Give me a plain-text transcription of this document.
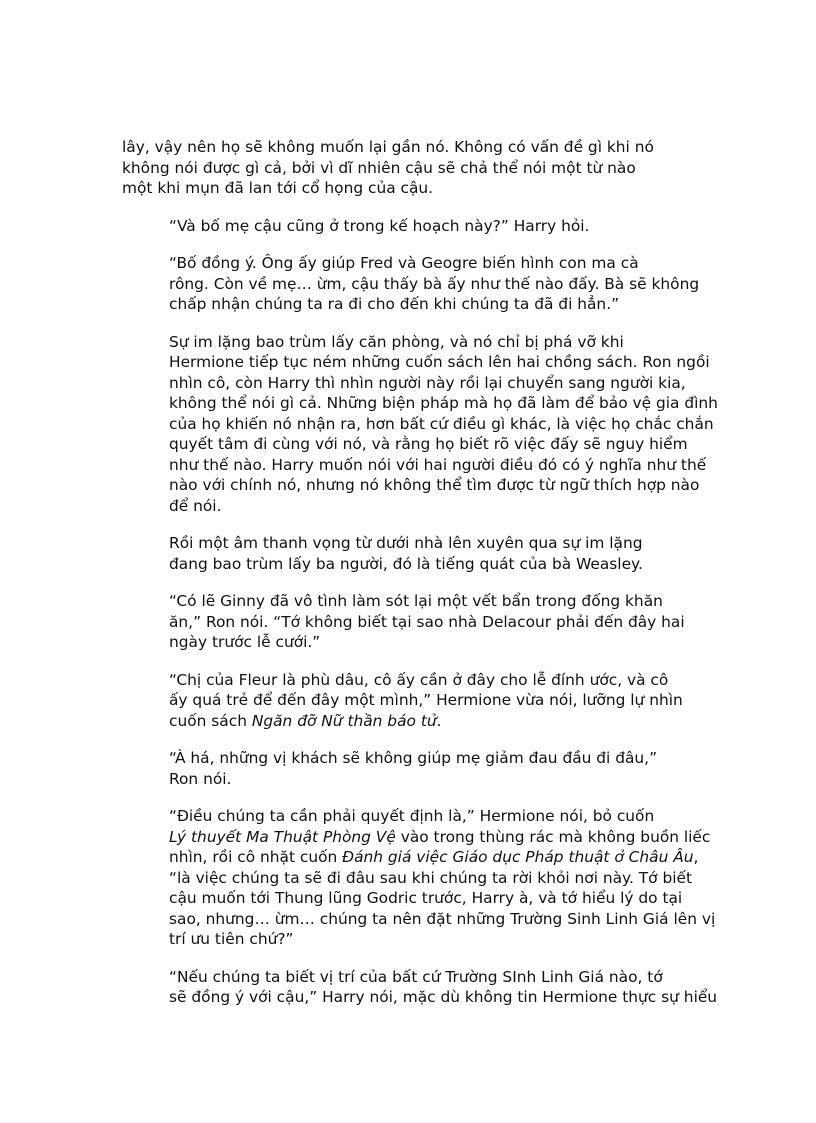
lây, vậy nên họ sẽ không muốn lại gần nó. Không có vấn đề gì khi nó
không nói được gì cả, bởi vì dĩ nhiên cậu sẽ chả thể nói một từ nào
một khi mụn đã lan tới cổ họng của cậu.

“Và bố mẹ cậu cũng ở trong kế hoạch này?” Harry hỏi.

“Bố đồng ý. Ông ấy giúp Fred và Geogre biến hình con ma cà
rông. Còn về mẹ… ừm, cậu thấy bà ấy như thế nào đấy. Bà sẽ không
chấp nhận chúng ta ra đi cho đến khi chúng ta đã đi hẳn.”

Sự im lặng bao trùm lấy căn phòng, và nó chỉ bị phá vỡ khi
Hermione tiếp tục ném những cuốn sách lên hai chồng sách. Ron ngồi
nhìn cô, còn Harry thì nhìn người này rồi lại chuyển sang người kia,
không thể nói gì cả. Những biện pháp mà họ đã làm để bảo vệ gia đình
của họ khiến nó nhận ra, hơn bất cứ điều gì khác, là việc họ chắc chắn
quyết tâm đi cùng với nó, và rằng họ biết rõ việc đấy sẽ nguy hiểm
như thế nào. Harry muốn nói với hai người điều đó có ý nghĩa như thế
nào với chính nó, nhưng nó không thể tìm được từ ngữ thích hợp nào
để nói.

Rồi một âm thanh vọng từ dưới nhà lên xuyên qua sự im lặng
đang bao trùm lấy ba người, đó là tiếng quát của bà Weasley.

“Có lẽ Ginny đã vô tình làm sót lại một vết bẩn trong đống khăn
ăn,” Ron nói. “Tớ không biết tại sao nhà Delacour phải đến đây hai
ngày trước lễ cưới.”

“Chị của Fleur là phù dâu, cô ấy cần ở đây cho lễ đính ước, và cô
ấy quá trẻ để đến đây một mình,” Hermione vừa nói, lưỡng lự nhìn
cuốn sách Ngăn đỡ Nữ thần báo tử.

“À há, những vị khách sẽ không giúp mẹ giảm đau đầu đi đâu,”
Ron nói.

“Điều chúng ta cần phải quyết định là,” Hermione nói, bỏ cuốn
Lý thuyết Ma Thuật Phòng Vệ vào trong thùng rác mà không buồn liếc
nhìn, rồi cô nhặt cuốn Đánh giá việc Giáo dục Pháp thuật ở Châu Âu,
“là việc chúng ta sẽ đi đâu sau khi chúng ta rời khỏi nơi này. Tớ biết
cậu muốn tới Thung lũng Godric trước, Harry à, và tớ hiểu lý do tại
sao, nhưng… ừm… chúng ta nên đặt những Trường Sinh Linh Giá lên vị
trí ưu tiên chứ?”

“Nếu chúng ta biết vị trí của bất cứ Trường SInh Linh Giá nào, tớ
sẽ đồng ý với cậu,” Harry nói, mặc dù không tin Hermione thực sự hiểu
